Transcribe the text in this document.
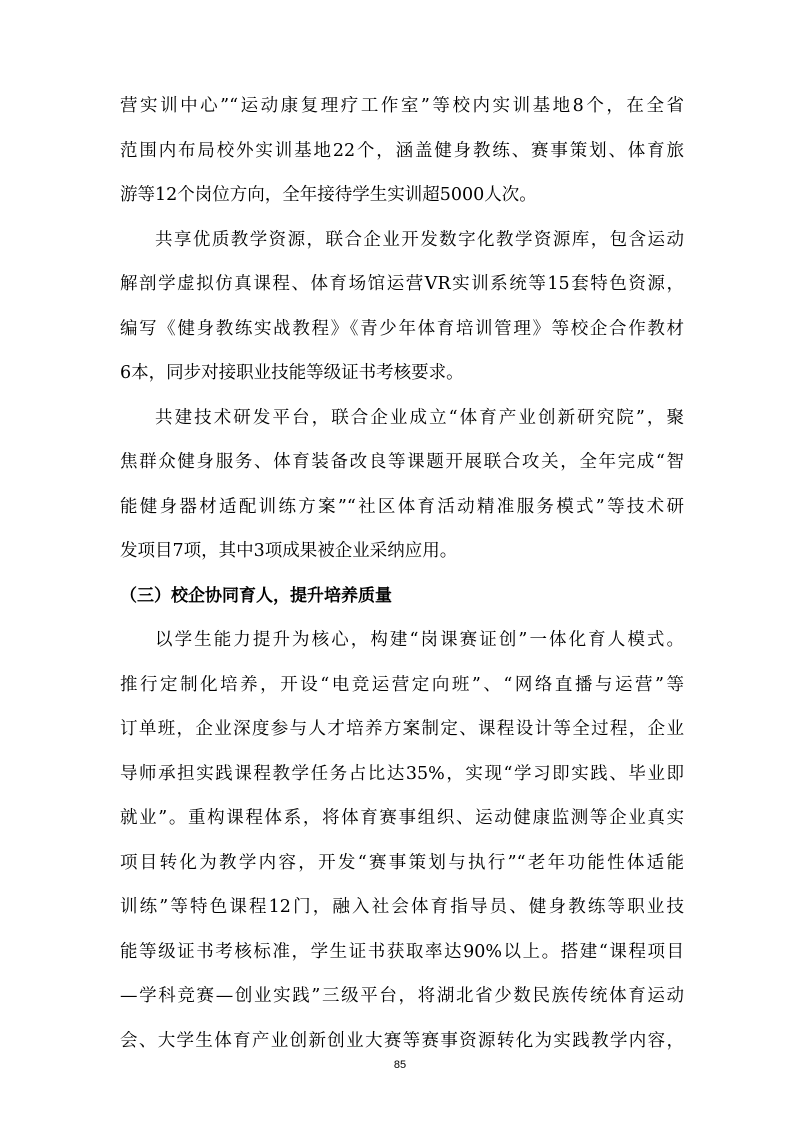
营实训中心”“运动康复理疗工作室”等校内实训基地8个，在全省
范围内布局校外实训基地22个，涵盖健身教练、赛事策划、体育旅
游等12个岗位方向，全年接待学生实训超5000人次。
共享优质教学资源，联合企业开发数字化教学资源库，包含运动
解剖学虚拟仿真课程、体育场馆运营VR实训系统等15套特色资源，
编写《健身教练实战教程》《青少年体育培训管理》等校企合作教材
6本，同步对接职业技能等级证书考核要求。
共建技术研发平台，联合企业成立“体育产业创新研究院”，聚
焦群众健身服务、体育装备改良等课题开展联合攻关，全年完成“智
能健身器材适配训练方案”“社区体育活动精准服务模式”等技术研
发项目7项，其中3项成果被企业采纳应用。
（三）校企协同育人，提升培养质量
以学生能力提升为核心，构建“岗课赛证创”一体化育人模式。
推行定制化培养，开设“电竞运营定向班”、“网络直播与运营”等
订单班，企业深度参与人才培养方案制定、课程设计等全过程，企业
导师承担实践课程教学任务占比达35%，实现“学习即实践、毕业即
就业”。重构课程体系，将体育赛事组织、运动健康监测等企业真实
项目转化为教学内容，开发“赛事策划与执行”“老年功能性体适能
训练”等特色课程12门，融入社会体育指导员、健身教练等职业技
能等级证书考核标准，学生证书获取率达90%以上。搭建“课程项目
—学科竞赛—创业实践”三级平台，将湖北省少数民族传统体育运动
会、大学生体育产业创新创业大赛等赛事资源转化为实践教学内容，
85
